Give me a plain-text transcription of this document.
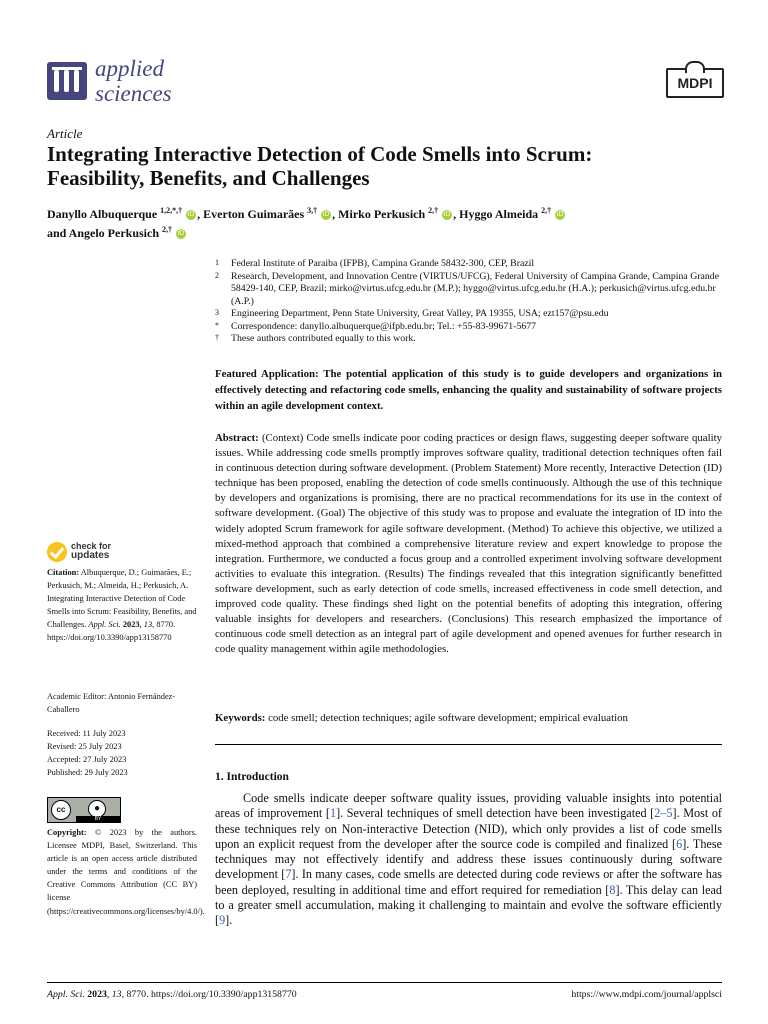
applied
sciences	MDPI
Article
Integrating Interactive Detection of Code Smells into Scrum:
Feasibility, Benefits, and Challenges
Danyllo Albuquerque $^{1,2,*,\dagger}$ iD , Everton Guimarães $^{3,\dagger}$ iD , Mirko Perkusich $^{2,\dagger}$ iD , Hyggo Almeida $^{2,\dagger}$ iD
and Angelo Perkusich $^{2,\dagger}$ iD
1 Federal Institute of Paraiba (IFPB), Campina Grande 58432-300, CEP, Brazil
2 Research, Development, and Innovation Centre (VIRTUS/UFCG), Federal University of Campina Grande, Campina Grande 58429-140, CEP, Brazil; mirko@virtus.ufcg.edu.br (M.P.); hyggo@virtus.ufcg.edu.br (H.A.); perkusich@virtus.ufcg.edu.br (A.P.)
3 Engineering Department, Penn State University, Great Valley, PA 19355, USA; ezt157@psu.edu
* Correspondence: danyllo.albuquerque@ifpb.edu.br; Tel.: +55-83-99671-5677
† These authors contributed equally to this work.
Featured Application: The potential application of this study is to guide developers and organizations in effectively detecting and refactoring code smells, enhancing the quality and sustainability of software projects within an agile development context.
Abstract: (Context) Code smells indicate poor coding practices or design flaws, suggesting deeper software quality issues. While addressing code smells promptly improves software quality, traditional detection techniques often fail in continuous detection during software development. (Problem Statement) More recently, Interactive Detection (ID) technique has been proposed, enabling the detection of code smells continuously. Although the use of this technique by developers and organizations is promising, there are no practical recommendations for its use in the context of software development. (Goal) The objective of this study was to propose and evaluate the integration of ID into the widely adopted Scrum framework for agile software development. (Method) To achieve this objective, we utilized a mixed-method approach that combined a comprehensive literature review and expert knowledge to propose the integration. Furthermore, we conducted a focus group and a controlled experiment involving software development activities to evaluate this integration. (Results) The findings revealed that this integration significantly benefitted software development, such as early detection of code smells, increased effectiveness in code smell detection, and improved code quality. These findings shed light on the potential benefits of adopting this integration, offering valuable insights for developers and researchers. (Conclusions) This research emphasized the importance of continuous code smell detection as an integral part of agile development and opened avenues for further research in code quality management within agile methodologies.
Keywords: code smell; detection techniques; agile software development; empirical evaluation
1. Introduction

Code smells indicate deeper software quality issues, providing valuable insights into potential areas of improvement [1]. Several techniques of smell detection have been investigated [2–5]. Most of these techniques rely on Non-interactive Detection (NID), which only provides a list of code smells upon an explicit request from the developer after the source code is compiled and finalized [6]. These techniques may not effectively identify and address these issues continuously during software development [7]. In many cases, code smells are detected during code reviews or after the software has been deployed, resulting in additional time and effort required for remediation [8]. This delay can lead to a greater smell accumulation, making it challenging to maintain and evolve the software efficiently [9].

check for
updates
Citation: Albuquerque, D.; Guimarães, E.; Perkusich, M.; Almeida, H.; Perkusich, A. Integrating Interactive Detection of Code Smells into Scrum: Feasibility, Benefits, and Challenges. Appl. Sci. 2023, 13, 8770. https://doi.org/10.3390/app13158770
Academic Editor: Antonio Fernández-Caballero
Received: 11 July 2023
Revised: 25 July 2023
Accepted: 27 July 2023
Published: 29 July 2023
cc	●
BY
Copyright: © 2023 by the authors. Licensee MDPI, Basel, Switzerland. This article is an open access article distributed under the terms and conditions of the Creative Commons Attribution (CC BY) license (https://creativecommons.org/licenses/by/4.0/).
Appl. Sci. 2023, 13, 8770. https://doi.org/10.3390/app13158770	https://www.mdpi.com/journal/applsci
